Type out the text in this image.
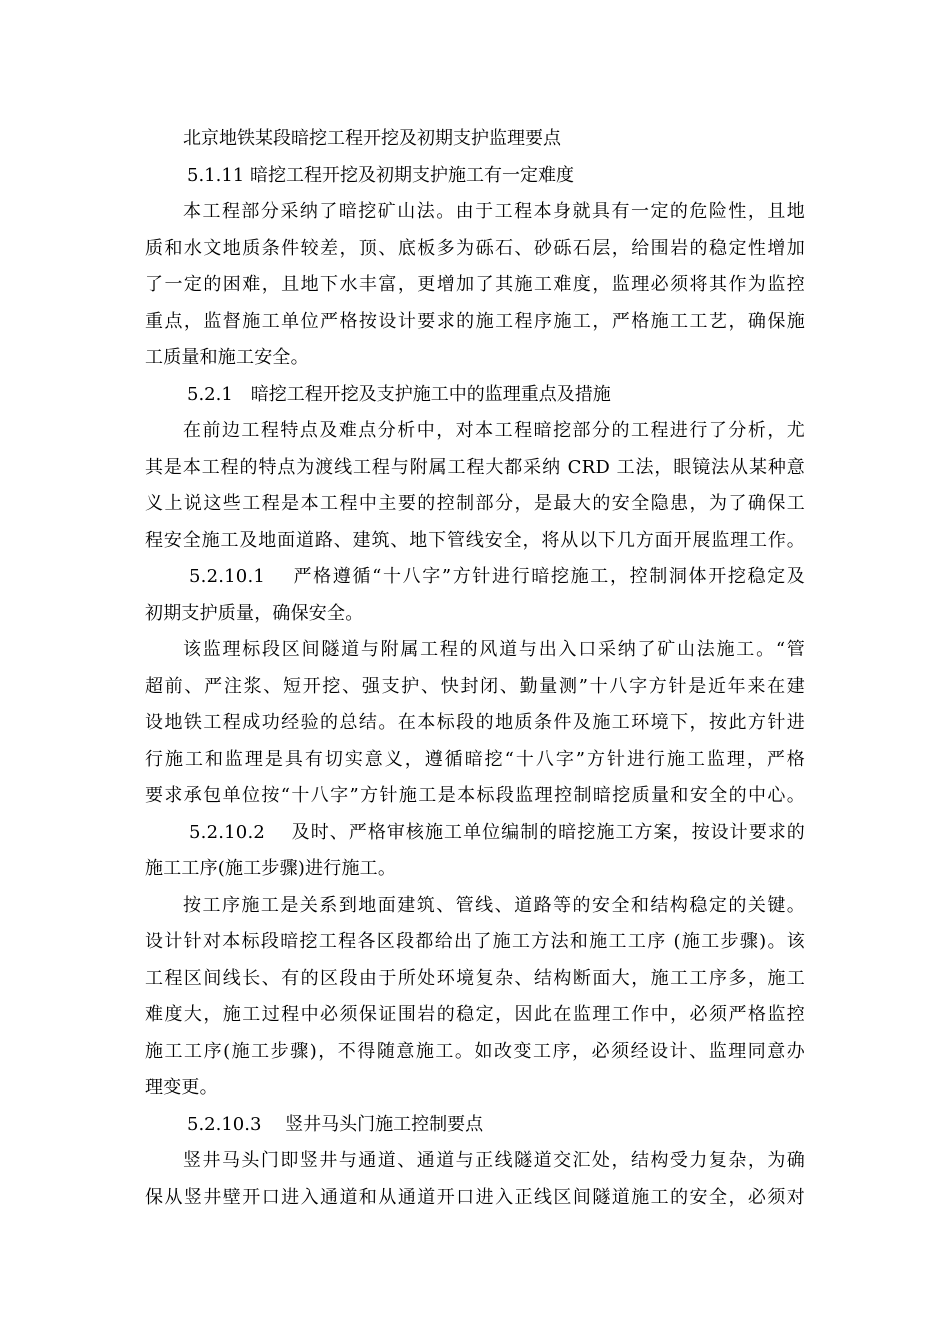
北京地铁某段暗挖工程开挖及初期支护监理要点
5.1.11 暗挖工程开挖及初期支护施工有一定难度
本工程部分采纳了暗挖矿山法。由于工程本身就具有一定的危险性，且地
质和水文地质条件较差，顶、底板多为砾石、砂砾石层，给围岩的稳定性增加
了一定的困难，且地下水丰富，更增加了其施工难度，监理必须将其作为监控
重点，监督施工单位严格按设计要求的施工程序施工，严格施工工艺，确保施
工质量和施工安全。
5.2.1　暗挖工程开挖及支护施工中的监理重点及措施
在前边工程特点及难点分析中，对本工程暗挖部分的工程进行了分析，尤
其是本工程的特点为渡线工程与附属工程大都采纳 CRD 工法，眼镜法从某种意
义上说这些工程是本工程中主要的控制部分，是最大的安全隐患，为了确保工
程安全施工及地面道路、建筑、地下管线安全，将从以下几方面开展监理工作。
5.2.10.1　 严格遵循“十八字”方针进行暗挖施工，控制洞体开挖稳定及
初期支护质量，确保安全。
该监理标段区间隧道与附属工程的风道与出入口采纳了矿山法施工。“管
超前、严注浆、短开挖、强支护、快封闭、勤量测”十八字方针是近年来在建
设地铁工程成功经验的总结。在本标段的地质条件及施工环境下，按此方针进
行施工和监理是具有切实意义，遵循暗挖“十八字”方针进行施工监理，严格
要求承包单位按“十八字”方针施工是本标段监理控制暗挖质量和安全的中心。
5.2.10.2　 及时、严格审核施工单位编制的暗挖施工方案，按设计要求的
施工工序(施工步骤)进行施工。
按工序施工是关系到地面建筑、管线、道路等的安全和结构稳定的关键。
设计针对本标段暗挖工程各区段都给出了施工方法和施工工序 (施工步骤)。该
工程区间线长、有的区段由于所处环境复杂、结构断面大，施工工序多，施工
难度大，施工过程中必须保证围岩的稳定，因此在监理工作中，必须严格监控
施工工序(施工步骤)，不得随意施工。如改变工序，必须经设计、监理同意办
理变更。
5.2.10.3　 竖井马头门施工控制要点
竖井马头门即竖井与通道、通道与正线隧道交汇处，结构受力复杂，为确
保从竖井壁开口进入通道和从通道开口进入正线区间隧道施工的安全，必须对
